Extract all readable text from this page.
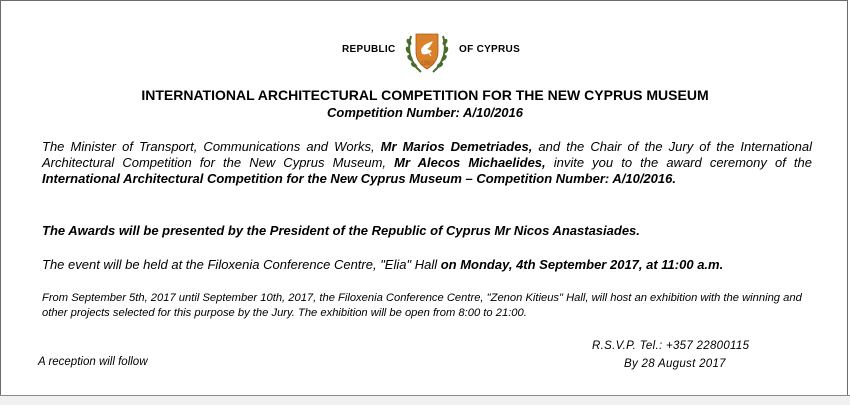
REPUBLIC
1960
OF CYPRUS
INTERNATIONAL ARCHITECTURAL COMPETITION FOR THE NEW CYPRUS MUSEUM
Competition Number: A/10/2016
The Minister of Transport, Communications and Works, Mr Marios Demetriades, and the Chair of the Jury of the International Architectural Competition for the New Cyprus Museum, Mr Alecos Michaelides, invite you to the award ceremony of the International Architectural Competition for the New Cyprus Museum – Competition Number: A/10/2016.
The Awards will be presented by the President of the Republic of Cyprus Mr Nicos Anastasiades.
The event will be held at the Filoxenia Conference Centre, "Elia" Hall on Monday, 4th September 2017, at 11:00 a.m.
From September 5th, 2017 until September 10th, 2017, the Filoxenia Conference Centre, "Zenon Kitieus" Hall, will host an exhibition with the winning and other projects selected for this purpose by the Jury. The exhibition will be open from 8:00 to 21:00.
A reception will follow
R.S.V.P. Tel.: +357 22800115
By 28 August 2017
